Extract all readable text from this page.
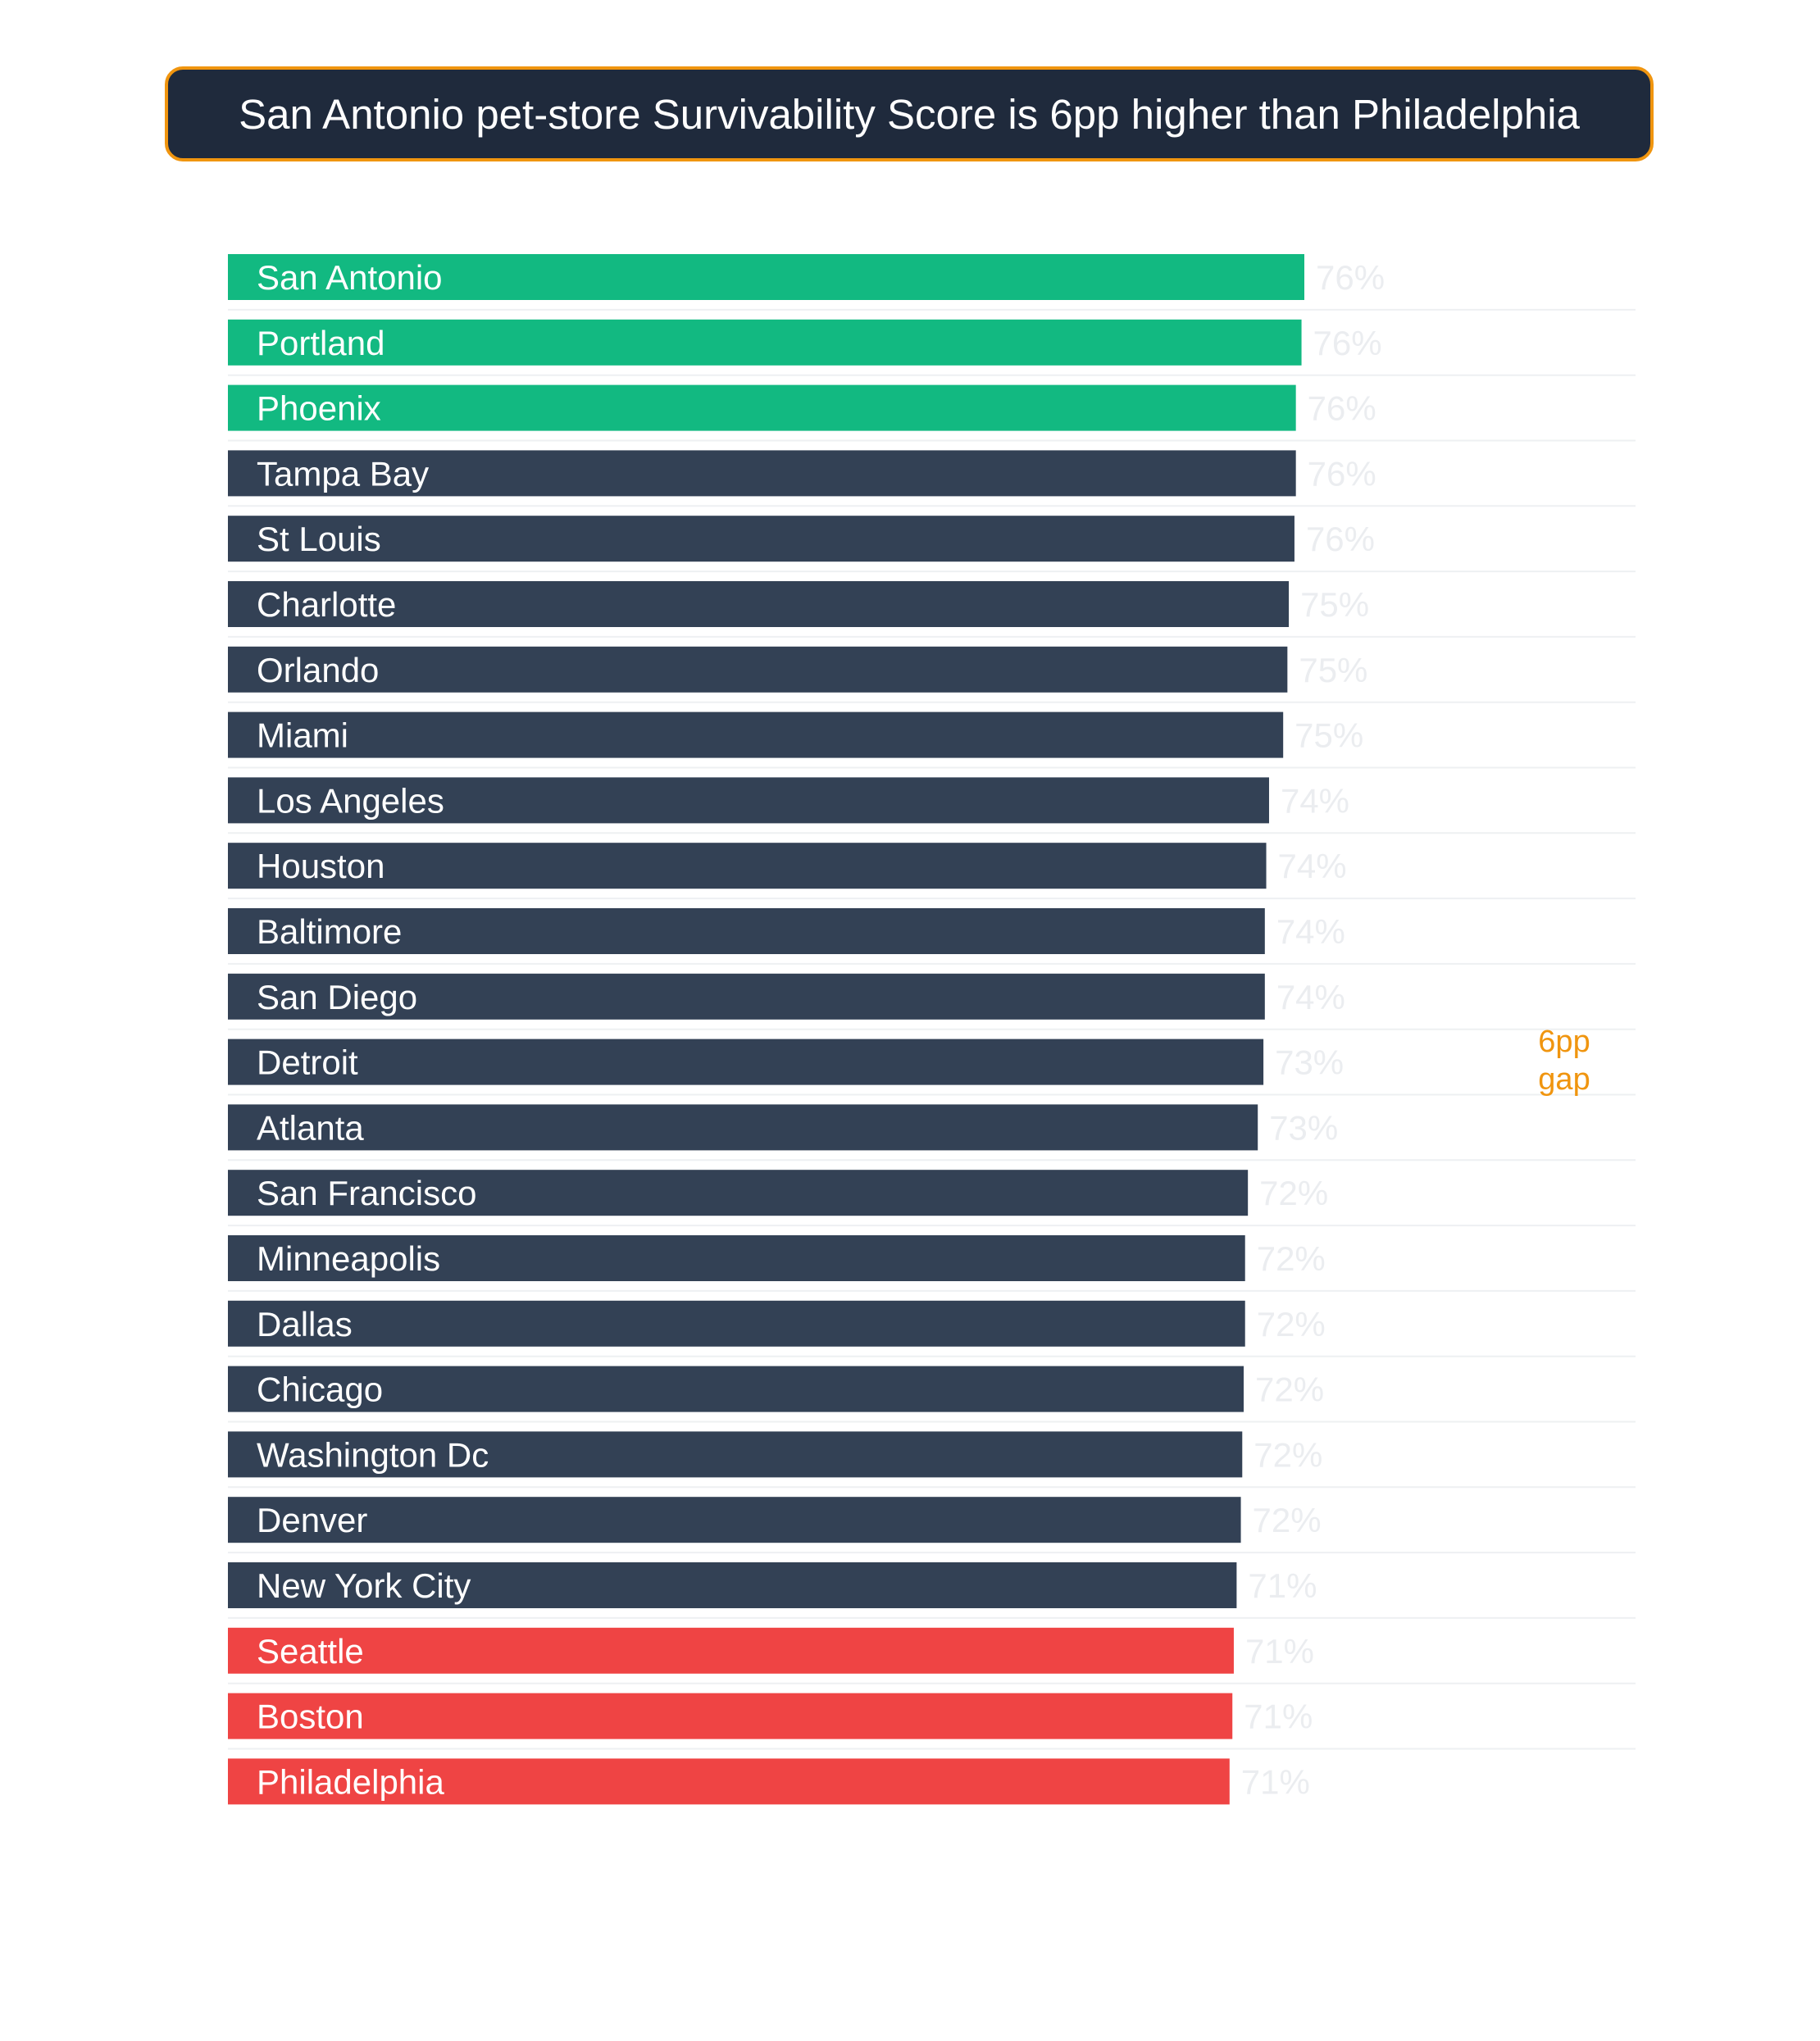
San Antonio pet-store Survivability Score is 6pp higher than Philadelphia
San Antonio
Portland
Phoenix
Tampa Bay
St Louis
Charlotte
Orlando
Miami
Los Angeles
Houston
Baltimore
San Diego
Detroit
Atlanta
San Francisco
Minneapolis
Dallas
Chicago
Washington Dc
Denver
New York City
Seattle
Boston
Philadelphia
76%
76%
76%
76%
76%
75%
75%
75%
74%
74%
74%
74%
73%
73%
72%
72%
72%
72%
72%
72%
71%
71%
71%
71%
6pp
gap
